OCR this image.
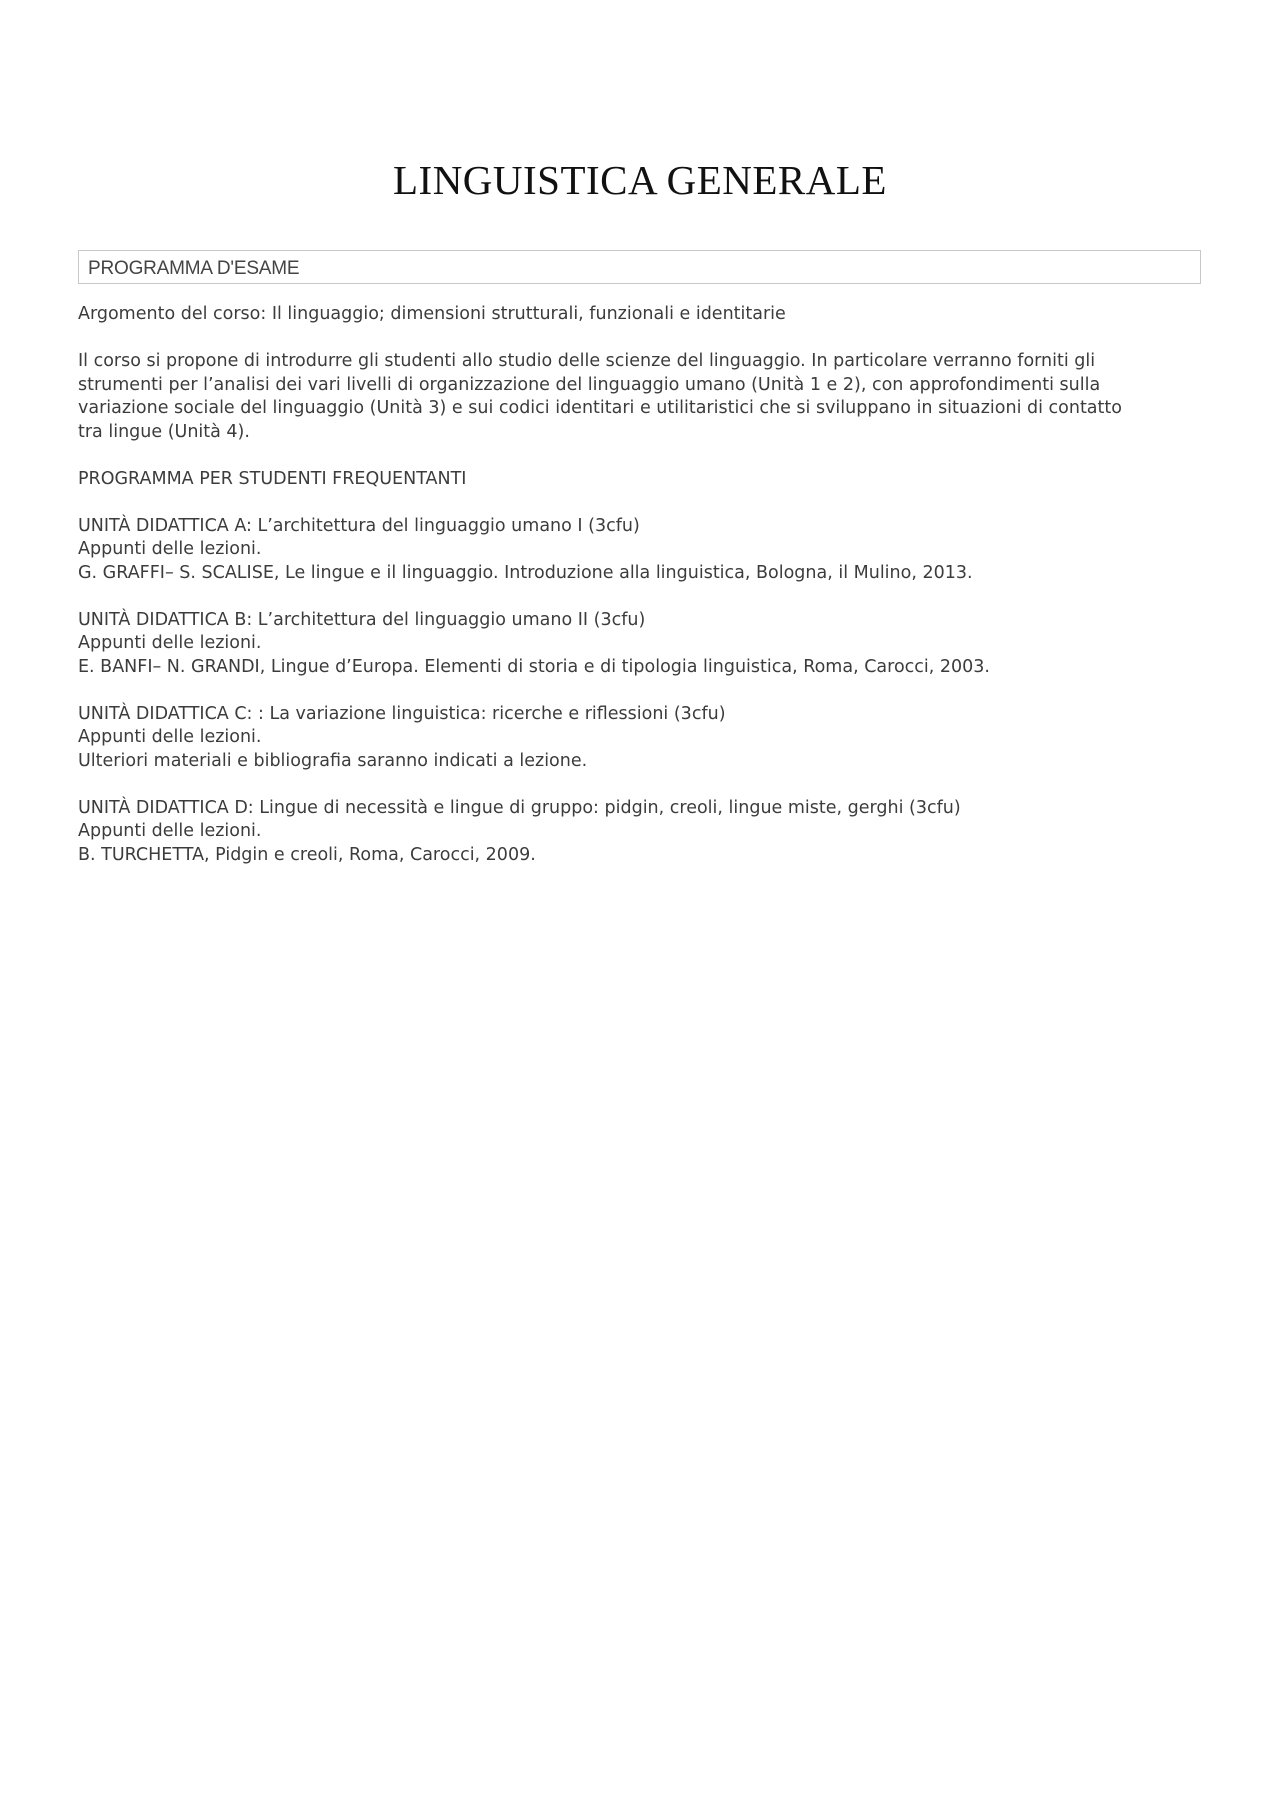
LINGUISTICA GENERALE
PROGRAMMA D'ESAME

Argomento del corso: Il linguaggio; dimensioni strutturali, funzionali e identitarie

Il corso si propone di introdurre gli studenti allo studio delle scienze del linguaggio. In particolare verranno forniti gli
strumenti per l’analisi dei vari livelli di organizzazione del linguaggio umano (Unità 1 e 2), con approfondimenti sulla
variazione sociale del linguaggio (Unità 3) e sui codici identitari e utilitaristici che si sviluppano in situazioni di contatto
tra lingue (Unità 4).

PROGRAMMA PER STUDENTI FREQUENTANTI

UNITÀ DIDATTICA A: L’architettura del linguaggio umano I (3cfu)
Appunti delle lezioni.
G. GRAFFI– S. SCALISE, Le lingue e il linguaggio. Introduzione alla linguistica, Bologna, il Mulino, 2013.
UNITÀ DIDATTICA B: L’architettura del linguaggio umano II (3cfu)
Appunti delle lezioni.
E. BANFI– N. GRANDI, Lingue d’Europa. Elementi di storia e di tipologia linguistica, Roma, Carocci, 2003.
UNITÀ DIDATTICA C: : La variazione linguistica: ricerche e riflessioni (3cfu)
Appunti delle lezioni.
Ulteriori materiali e bibliografia saranno indicati a lezione.
UNITÀ DIDATTICA D: Lingue di necessità e lingue di gruppo: pidgin, creoli, lingue miste, gerghi (3cfu)
Appunti delle lezioni.
B. TURCHETTA, Pidgin e creoli, Roma, Carocci, 2009.
